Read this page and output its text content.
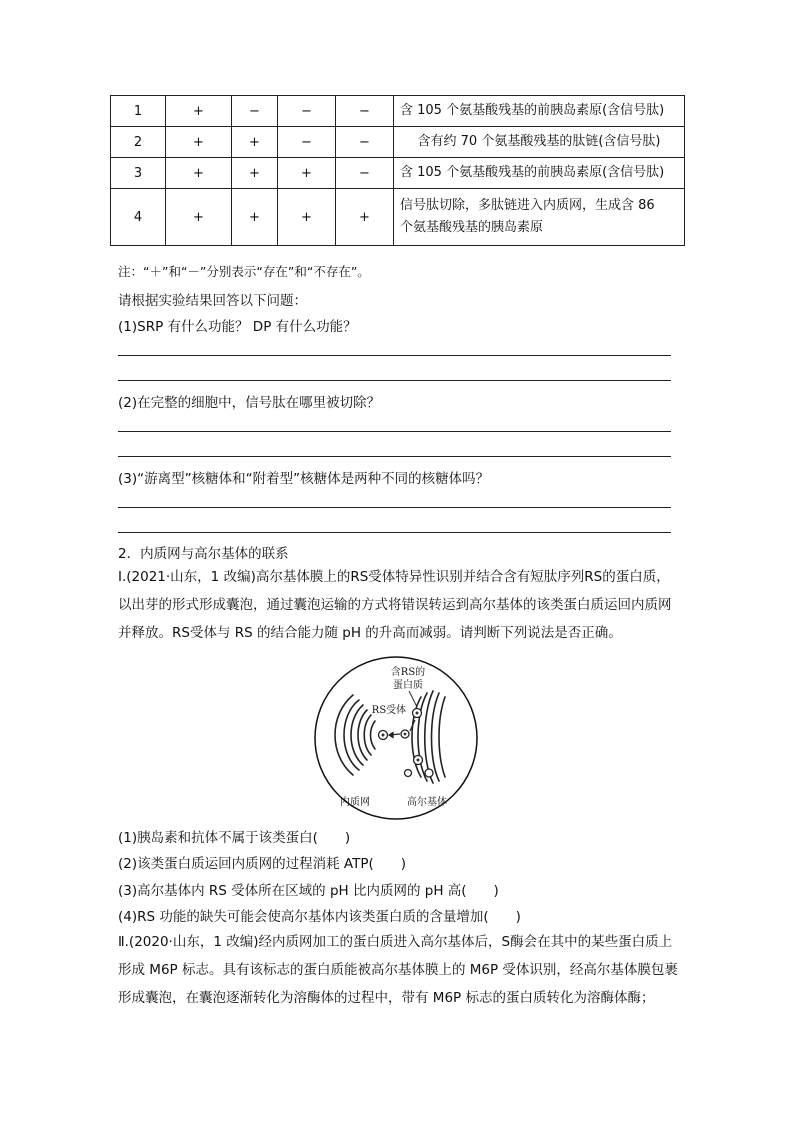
1	+	−	−	−	含 105 个氨基酸残基的前胰岛素原(含信号肽)
2	+	+	−	−	含有约 70 个氨基酸残基的肽链(含信号肽)
3	+	+	+	−	含 105 个氨基酸残基的前胰岛素原(含信号肽)
4	+	+	+	+	信号肽切除，多肽链进入内质网，生成含 86
个氨基酸残基的胰岛素原
注：“＋”和“－”分别表示“存在”和“不存在”。
请根据实验结果回答以下问题：
(1)SRP 有什么功能？ DP 有什么功能？
(2)在完整的细胞中，信号肽在哪里被切除？
(3)“游离型”核糖体和“附着型”核糖体是两种不同的核糖体吗？
2．内质网与高尔基体的联系
Ⅰ.(2021·山东，1 改编)高尔基体膜上的RS受体特异性识别并结合含有短肽序列RS的蛋白质，以出芽的形式形成囊泡，通过囊泡运输的方式将错误转运到高尔基体的该类蛋白质运回内质网并释放。RS受体与 RS 的结合能力随 pH 的升高而减弱。请判断下列说法是否正确。
含RS的
蛋白质
RS受体
内质网	高尔基体
(1)胰岛素和抗体不属于该类蛋白(　　)
(2)该类蛋白质运回内质网的过程消耗 ATP(　　)
(3)高尔基体内 RS 受体所在区域的 pH 比内质网的 pH 高(　　)
(4)RS 功能的缺失可能会使高尔基体内该类蛋白质的含量增加(　　)
Ⅱ.(2020·山东，1 改编)经内质网加工的蛋白质进入高尔基体后，S酶会在其中的某些蛋白质上形成 M6P 标志。具有该标志的蛋白质能被高尔基体膜上的 M6P 受体识别，经高尔基体膜包裹形成囊泡，在囊泡逐渐转化为溶酶体的过程中，带有 M6P 标志的蛋白质转化为溶酶体酶；
